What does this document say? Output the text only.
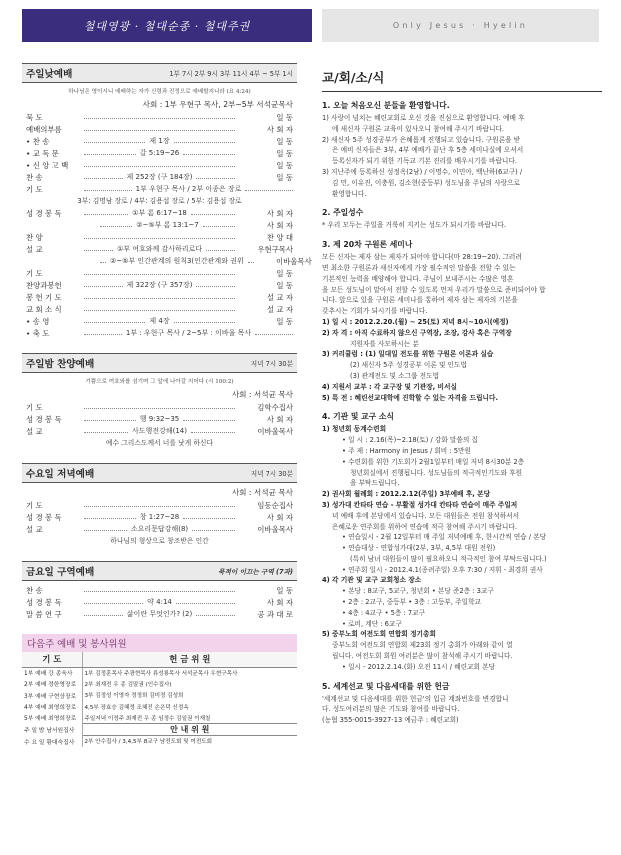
철대영광 · 철대순종 · 철대주권	Only Jesus · Hyelin
주일낮예배	1부 7시 2부 9시 3부 11시 4부 ~ 5부 1시
하나님은 영이시니 예배하는 자가 신령과 진정으로 예배할지니라 (요 4:24)
사회 : 1부 우현구 목사, 2부~5부 서석균목사
묵 도	일 동
예배의부름	사 회 자
• 찬 송	제 1장	일 동
• 교 독 문	갈 5:19~26	일 동
• 신 앙 고 백	일 동
찬 송	제 252장 (구 184장)	일 동
기 도	1부 우현구 목사 / 2부 이종은 장로
3부: 김명남 장로 / 4부: 김용섭 장로 / 5부: 김용섭 장로
성 경 봉 독	①부 롬 6:17~18	사 회 자
②~⑤부 롬 13:1~7	사 회 자
찬 양	찬 양 대
설 교	①부 여호와께 감사하리로다	우현구목사
②~⑤부 인간관계의 원칙3(인간관계와 권위	이바울목사
기 도	일 동
찬양과봉헌	제 322장 (구 357장)	일 동
봉 헌 기 도	설 교 자
교 회 소 식	설 교 자
• 송 영	제 4장	일 동
• 축 도	1부 : 우현구 목사 / 2~5부 : 이바울 목사
주일밤 찬양예배	저녁 7시 30분
기쁨으로 여호와를 섬기며 그 앞에 나아갈 지어다 (시 100:2)
사회 : 서석균 목사
기 도	김학수집사
성 경 봉 독	행 9:32~35	사 회 자
설 교	사도행전강해(14)	이바울목사
예수 그리스도께서 너를 낫게 하신다
수요일 저녁예배	저녁 7시 30분
사회 : 서석균 목사
기 도	임동순집사
성 경 봉 독	창 1:27~28	사 회 자
설 교	소요리문답강해(8)	이바울목사
하나님의 형상으로 창조받은 인간
금요일 구역예배	묵적이 이끄는 구역 (7과)
찬 송	일 동
성 경 봉 독	약 4:14	사 회 자
말 씀 연 구	삶이란 무엇인가? (2)	공 과 대 로
다음주 예배 및 봉사위원
기 도	헌 금 위 원
1부 예배 강 종욱사	1부 김정훈목사 주광현목사 류성룡목사 서석균목사 우현구목사
2부 예배 정한영장로	2부 최재전 우 종 김말권 (인수집사)
3부 예배 구현상장로	3부 김정성 이영자 정정희 김미정 김성희
4부 예배 최영희장로	4,5부 장효승 김혜정 조혜진 손은덕 신정옥
5부 예배 최영희장로	주일저녁 이정주 최재전 우 종 임정수 김일권 이재칠
주 일 밤 남서원집사	안 내 위 원
수 요 일 황대숙집사	2부 안수집사 / 3,4,5부 8교구 남전도회 및 여전도회
교/회/소/식
1. 오늘 처음오신 분들을 환영합니다.
1) 사랑이 넘치는 혜린교회로 오신 것을 진심으로 환영합니다. 예배 후
에 새신자 구원론 교육이 있사오니 참여해 주시기 바랍니다.
2) 새신자 5주 성경공부가 은혜롭게 진행되고 있습니다. 구원론을 받
은 예비 신자들은 3부, 4부 예배가 끝난 후 5층 세미나실에 오셔서
등록신자가 되기 위한 기독교 기본 진리를 배우시기를 바랍니다.
3) 지난주에 등록하신 성정옥(2남) / 이명수, 이민아, 백난하(6교구) /
김 민, 이유진, 이충원, 김소현(중등부) 성도님을 주님의 사랑으로
환영합니다.
2. 주일성수
* 우리 모두는 주일을 거룩히 지키는 성도가 되시기를 바랍니다.
3. 제 20차 구원론 세미나
모든 신자는 제자 삼는 제자가 되어야 합니다(마 28:19~20). 그러려
면 최소한 구원론과 새신자에게 가장 필수적인 말씀을 전할 수 있는
기본적인 능력을 배양해야 합니다. 주님이 보내주시는 수많은 영혼
을 모든 성도님이 맡아서 전할 수 있도록 먼저 우리가 말씀으로 준비되어야 합
니다. 앞으로 있을 구원론 세미나를 통하여 제자 삼는 제자의 기본을
갖추시는 기회가 되시기를 바랍니다.
1) 일 시 : 2012.2.20.(월) ~ 25(토) 저녁 8시~10시(예정)
2) 자 격 : 아직 수료하지 않으신 구역장, 조장, 강사 혹은 구역장
지원자를 사모하시는 분
3) 커리큘럼 : (1) 일대일 전도를 위한 구원론 이론과 실습
(2) 새신자 5주 성경공부 이론 및 인도법
(3) 관계전도 및 소그룹 전도법
4) 지원서 교부 : 각 교구장 및 기관장, 비서실
5) 특 전 : 혜린선교대학에 진학할 수 있는 자격을 드립니다.
4. 기관 및 교구 소식
1) 청년회 동계수련회
• 일 시 : 2.16(목)~2.18(토) / 강화 말씀의 집
• 주 제 : Harmony in Jesus / 회비 : 5만원
• 수련회를 위한 기도회가 2월1일부터 매일 저녁 8시30분 2층
청년회실에서 진행됩니다. 성도님들의 적극적인기도와 후원
을 부탁드립니다.
2) 권사회 월례회 : 2012.2.12(주일) 3부예배 후, 본당
3) 성가대 칸타타 연습 - 부활절 성가대 칸타타 연습이 매주 주일저
녁 예배 후에 본당에서 있습니다. 모든 대원들은 전원 참석하셔서
은혜로운 연주회를 위하여 연습에 적극 참여해 주시기 바랍니다.
• 연습일시 - 2월 12일부터 매 주일 저녁예배 후, 한시간씩 연습 / 본당
• 연습대상 - 연합성가대(2부, 3부, 4,5부 대원 전원)
(특히 남녀 대원들이 많이 필요하오니 적극적인 참여 부탁드립니다.)
• 연주회 일시 - 2012.4.1(종려주일) 오후 7:30 / 지휘 - 최경희 권사
4) 각 기관 및 교구 교회청소 장소
• 본당 : 8교구, 5교구, 청년회 • 본당 준2층 : 3교구
• 2층 : 2교구, 중등부 • 3층 : 고등부, 주일학교
• 4층 : 4교구 • 5층 : 7교구
• 로비, 계단 : 6교구
5) 중부노회 여전도회 연합회 정기총회
중부노회 여전도회 연합회 제23회 정기 총회가 아래와 같이 열
립니다. 여전도회 회원 여러분은 많이 참석해 주시기 바랍니다.
• 일시 - 2012.2.14.(화) 오전 11시 / 혜린교회 본당
5. 세계선교 및 다음세대를 위한 헌금
'세계선교 및 다음세대를 위한 헌금'의 입금 계좌번호를 변경합니
다. 성도여러분의 많은 기도와 참여를 바랍니다.
(농협 355-0015-3927-13 예금주 : 혜린교회)
